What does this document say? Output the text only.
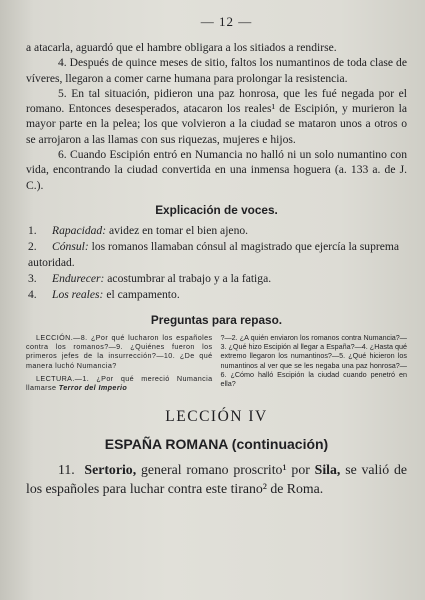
— 12 —

a atacarla, aguardó que el hambre obligara a los sitiados a rendirse.

4. Después de quince meses de sitio, faltos los numantinos de toda clase de víveres, llegaron a comer carne humana para prolongar la resistencia.

5. En tal situación, pidieron una paz honrosa, que les fué negada por el romano. Entonces desesperados, atacaron los reales¹ de Escipión, y murieron la mayor parte en la pelea; los que volvieron a la ciudad se mataron unos a otros o se arrojaron a las llamas con sus riquezas, mujeres e hijos.

6. Cuando Escipión entró en Numancia no halló ni un solo numantino con vida, encontrando la ciudad convertida en una inmensa hoguera (a. 133 a. de J. C.).

Explicación de voces.
1. Rapacidad: avidez en tomar el bien ajeno.
2. Cónsul: los romanos llamaban cónsul al magistrado que ejercía la suprema autoridad.
3. Endurecer: acostumbrar al trabajo y a la fatiga.
4. Los reales: el campamento.
Preguntas para repaso.

LECCIÓN.—8. ¿Por qué lucharon los españoles contra los romanos?—9. ¿Quiénes fueron los primeros jefes de la insurrección?—10. ¿De qué manera luchó Numancia?

LECTURA.—1. ¿Por qué mereció Numancia llamarse Terror del Imperio

?—2. ¿A quién enviaron los romanos contra Numancia?—3. ¿Qué hizo Escipión al llegar a España?—4. ¿Hasta qué extremo llegaron los numantinos?—5. ¿Qué hicieron los numantinos al ver que se les negaba una paz honrosa?—6. ¿Cómo halló Escipión la ciudad cuando penetró en ella?

LECCIÓN IV
ESPAÑA ROMANA (continuación)

11. Sertorio, general romano proscrito¹ por Sila, se valió de los españoles para luchar contra este tirano² de Roma.
